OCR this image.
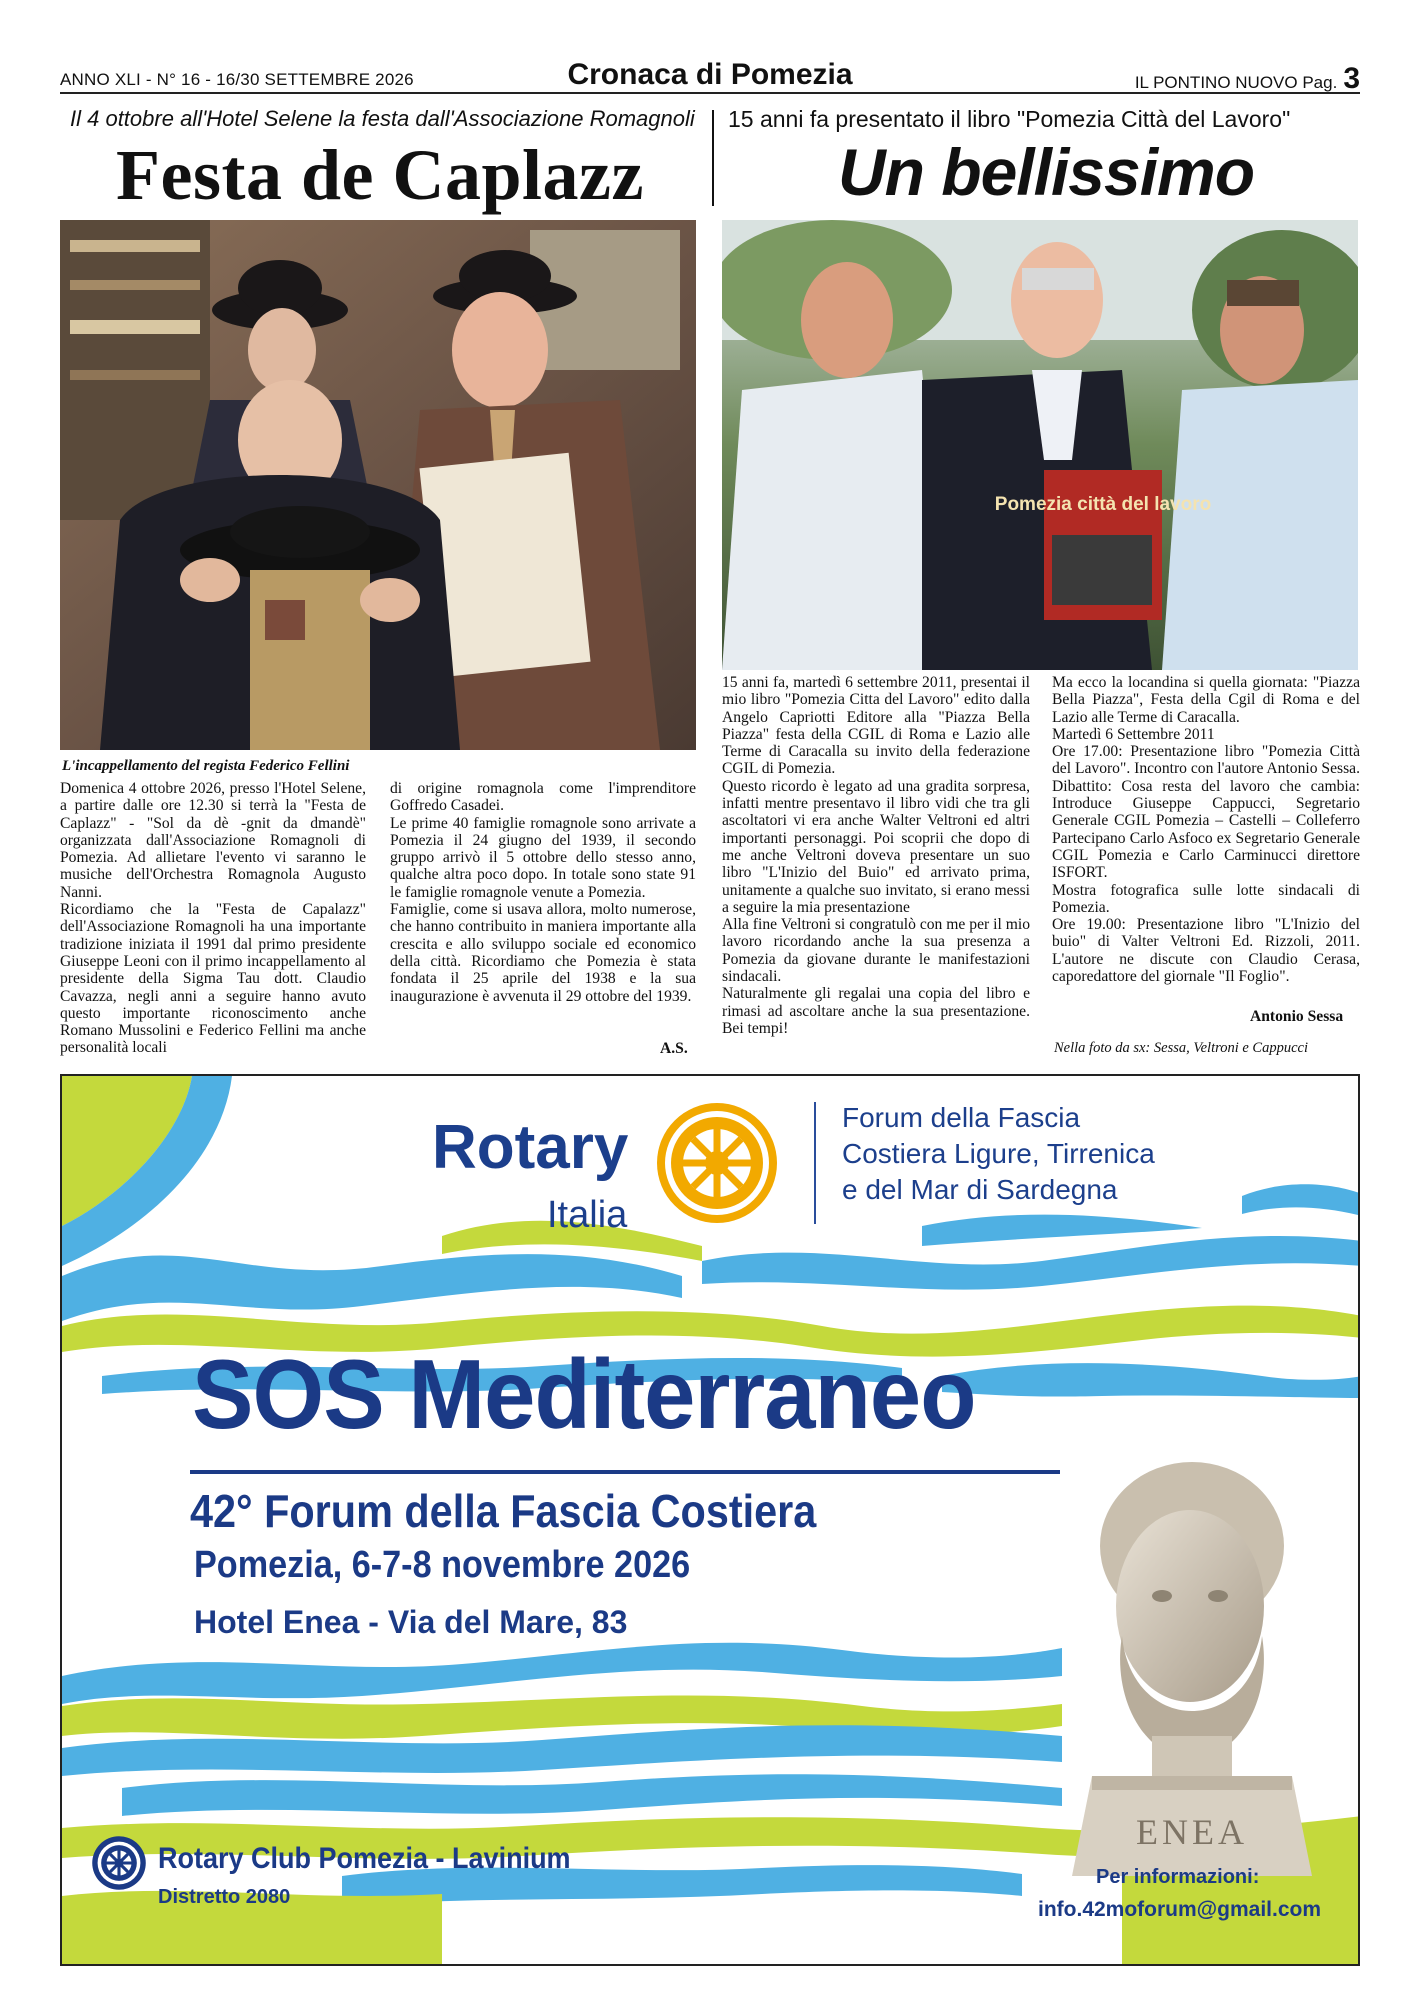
ANNO XLI - N° 16 - 16/30 SETTEMBRE 2026	Cronaca di Pomezia	IL PONTINO NUOVO Pag. 3
Il 4 ottobre all'Hotel Selene la festa dall'Associazione Romagnoli
Festa de Caplazz
L'incappellamento del regista Federico Fellini

Domenica 4 ottobre 2026, presso l'Hotel Selene, a partire dalle ore 12.30 si terrà la "Festa de Caplazz" - "Sol da dè -gnit da dmandè" organizzata dall'Associazione Romagnoli di Pomezia. Ad allietare l'evento vi saranno le musiche dell'Orchestra Romagnola Augusto Nanni.

Ricordiamo che la "Festa de Capalazz" dell'Associazione Romagnoli ha una importante tradizione iniziata il 1991 dal primo presidente Giuseppe Leoni con il primo incappellamento al presidente della Sigma Tau dott. Claudio Cavazza, negli anni a seguire hanno avuto questo importante riconoscimento anche Romano Mussolini e Federico Fellini ma anche personalità locali

di origine romagnola come l'imprenditore Goffredo Casadei.

Le prime 40 famiglie romagnole sono arrivate a Pomezia il 24 giugno del 1939, il secondo gruppo arrivò il 5 ottobre dello stesso anno, qualche altra poco dopo. In totale sono state 91 le famiglie romagnole venute a Pomezia.

Famiglie, come si usava allora, molto numerose, che hanno contribuito in maniera importante alla crescita e allo sviluppo sociale ed economico della città. Ricordiamo che Pomezia è stata fondata il 25 aprile del 1938 e la sua inaugurazione è avvenuta il 29 ottobre del 1939.

A.S.
15 anni fa presentato il libro "Pomezia Città del Lavoro"
Un bellissimo
Pomezia città del lavoro

15 anni fa, martedì 6 settembre 2011, presentai il mio libro "Pomezia Citta del Lavoro" edito dalla Angelo Capriotti Editore alla "Piazza Bella Piazza" festa della CGIL di Roma e Lazio alle Terme di Caracalla su invito della federazione CGIL di Pomezia.

Questo ricordo è legato ad una gradita sorpresa, infatti mentre presentavo il libro vidi che tra gli ascoltatori vi era anche Walter Veltroni ed altri importanti personaggi. Poi scoprii che dopo di me anche Veltroni doveva presentare un suo libro "L'Inizio del Buio" ed arrivato prima, unitamente a qualche suo invitato, si erano messi a seguire la mia presentazione

Alla fine Veltroni si congratulò con me per il mio lavoro ricordando anche la sua presenza a Pomezia da giovane durante le manifestazioni sindacali.

Naturalmente gli regalai una copia del libro e rimasi ad ascoltare anche la sua presentazione. Bei tempi!

Ma ecco la locandina si quella giornata: "Piazza Bella Piazza", Festa della Cgil di Roma e del Lazio alle Terme di Caracalla.

Martedì 6 Settembre 2011

Ore 17.00: Presentazione libro "Pomezia Città del Lavoro". Incontro con l'autore Antonio Sessa.

Dibattito: Cosa resta del lavoro che cambia: Introduce Giuseppe Cappucci, Segretario Generale CGIL Pomezia – Castelli – Colleferro Partecipano Carlo Asfoco ex Segretario Generale CGIL Pomezia e Carlo Carminucci direttore ISFORT.

Mostra fotografica sulle lotte sindacali di Pomezia.

Ore 19.00: Presentazione libro "L'Inizio del buio" di Valter Veltroni Ed. Rizzoli, 2011. L'autore ne discute con Claudio Cerasa, caporedattore del giornale "Il Foglio".

Antonio Sessa
Nella foto da sx: Sessa, Veltroni e Cappucci
Rotary
Italia
Forum della Fascia
Costiera Ligure, Tirrenica
e del Mar di Sardegna
SOS Mediterraneo
42° Forum della Fascia Costiera
Pomezia, 6-7-8 novembre 2026
Hotel Enea - Via del Mare, 83
ENEA
Rotary Club Pomezia - Lavinium
Distretto 2080
Per informazioni:
info.42moforum@gmail.com
